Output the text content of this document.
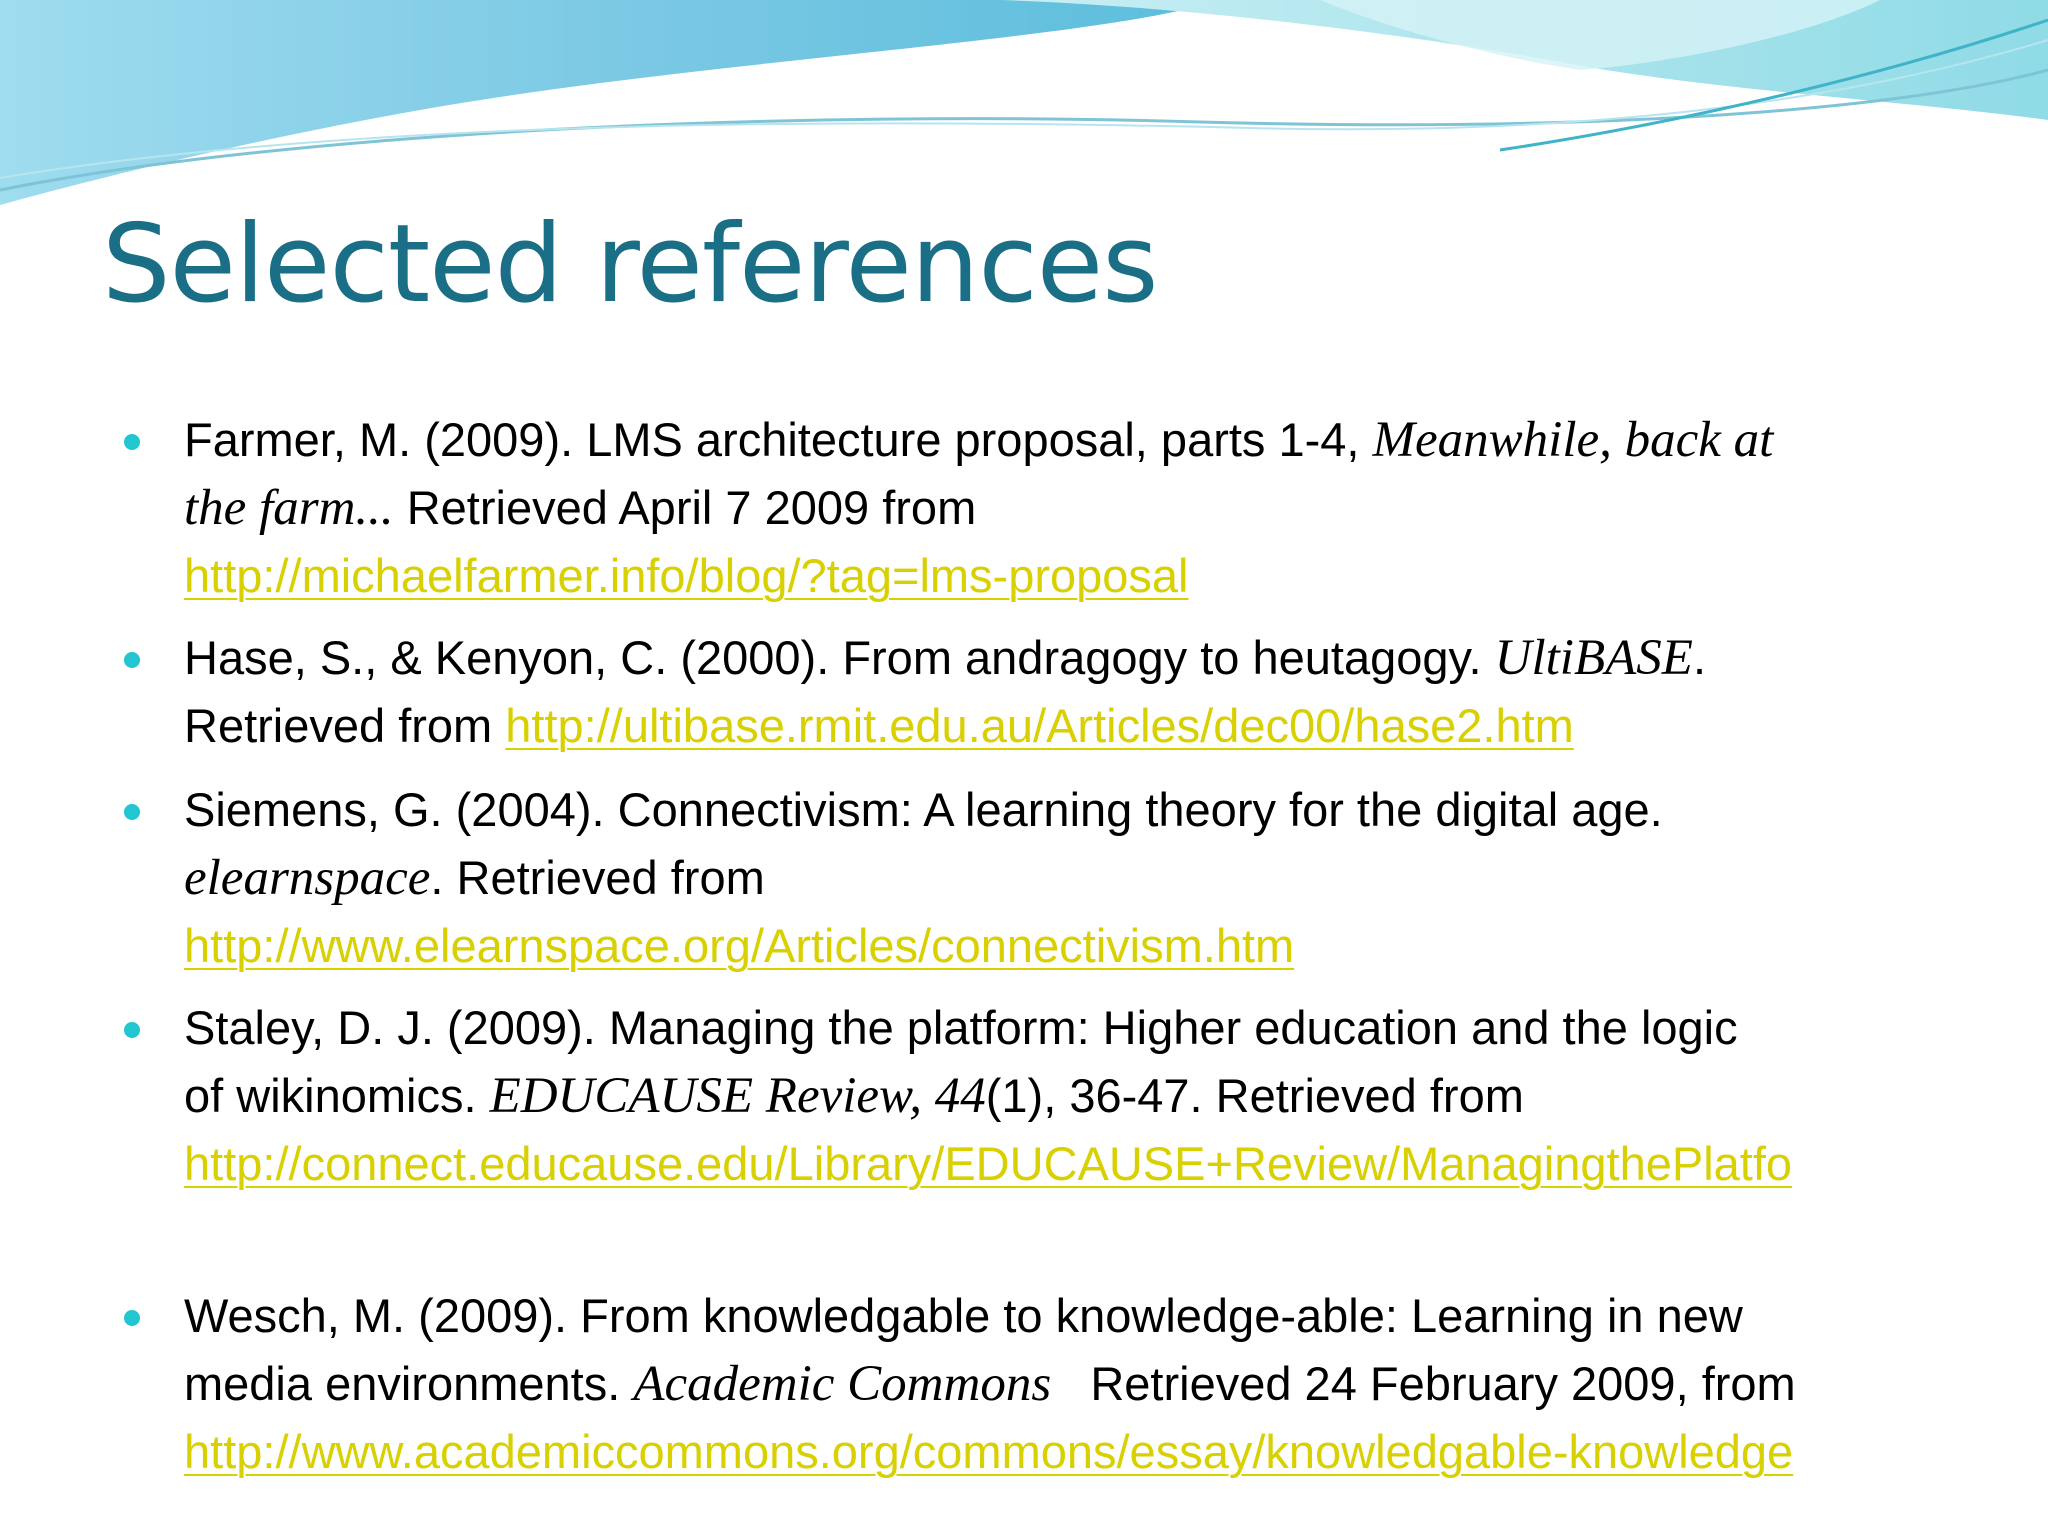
Selected references
Farmer, M. (2009). LMS architecture proposal, parts 1-4, Meanwhile, back at
the farm... Retrieved April 7 2009 from
http://michaelfarmer.info/blog/?tag=lms-proposal
Hase, S., & Kenyon, C. (2000). From andragogy to heutagogy. UltiBASE.
Retrieved from http://ultibase.rmit.edu.au/Articles/dec00/hase2.htm
Siemens, G. (2004). Connectivism: A learning theory for the digital age.
elearnspace. Retrieved from
http://www.elearnspace.org/Articles/connectivism.htm
Staley, D. J. (2009). Managing the platform: Higher education and the logic
of wikinomics. EDUCAUSE Review, 44(1), 36-47. Retrieved from
http://connect.educause.edu/Library/EDUCAUSE+Review/ManagingthePlatfo
Wesch, M. (2009). From knowledgable to knowledge-able: Learning in new
media environments. Academic Commons   Retrieved 24 February 2009, from
http://www.academiccommons.org/commons/essay/knowledgable-knowledge
